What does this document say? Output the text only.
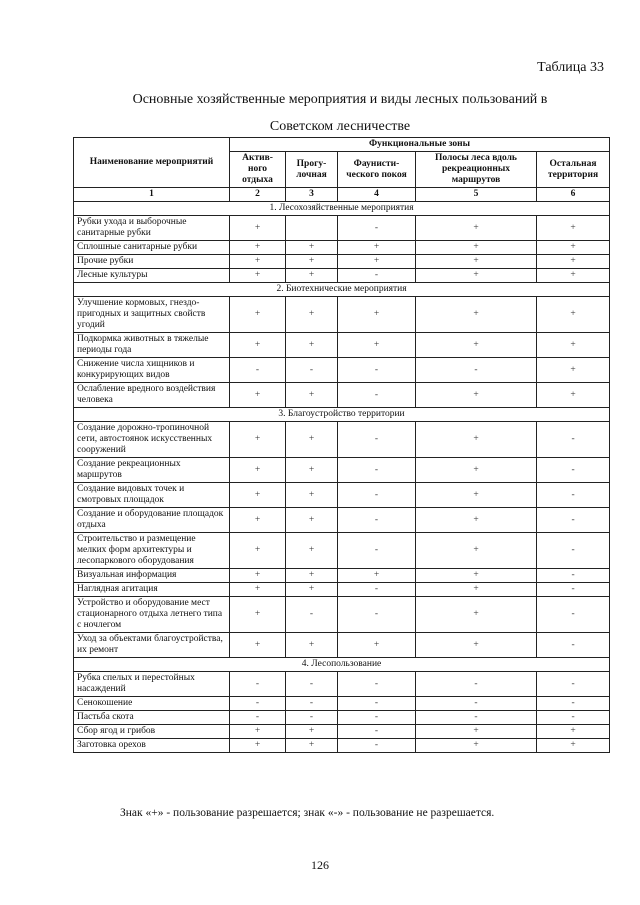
Таблица 33
Основные хозяйственные мероприятия и виды лесных пользований в
Советском лесничестве
Наименование мероприятий	Функциональные зоны				
	Актив-ного отдыха	Прогу-лочная	Фаунисти-ческого покоя	Полосы леса вдоль рекреационных маршрутов	Остальная территория
1	2	3	4	5	6
1. Лесохозяйственные мероприятия					
Рубки ухода и выборочные санитарные рубки	+		-	+	+
Сплошные санитарные рубки	+	+	+	+	+
Прочие рубки	+	+	+	+	+
Лесные культуры	+	+	-	+	+
2. Биотехнические мероприятия					
Улучшение кормовых, гнездо-пригодных и защитных свойств угодий	+	+	+	+	+
Подкормка животных в тяжелые периоды года	+	+	+	+	+
Снижение числа хищников и конкурирующих видов	-	-	-	-	+
Ослабление вредного воздействия человека	+	+	-	+	+
3. Благоустройство территории					
Создание дорожно-тропиночной сети, автостоянок искусственных сооружений	+	+	-	+	-
Создание рекреационных маршрутов	+	+	-	+	-
Создание видовых точек и смотровых площадок	+	+	-	+	-
Создание и оборудование площадок отдыха	+	+	-	+	-
Строительство и размещение мелких форм архитектуры и лесопаркового оборудования	+	+	-	+	-
Визуальная информация	+	+	+	+	-
Наглядная агитация	+	+	-	+	-
Устройство и оборудование мест стационарного отдыха летнего типа с ночлегом	+	-	-	+	-
Уход за объектами благоустройства, их ремонт	+	+	+	+	-
4. Лесопользование					
Рубка спелых и перестойных насаждений	-	-	-	-	-
Сенокошение	-	-	-	-	-
Пастьба скота	-	-	-	-	-
Сбор ягод и грибов	+	+	-	+	+
Заготовка орехов	+	+	-	+	+
Знак «+» - пользование разрешается; знак «-» - пользование не разрешается.
126
